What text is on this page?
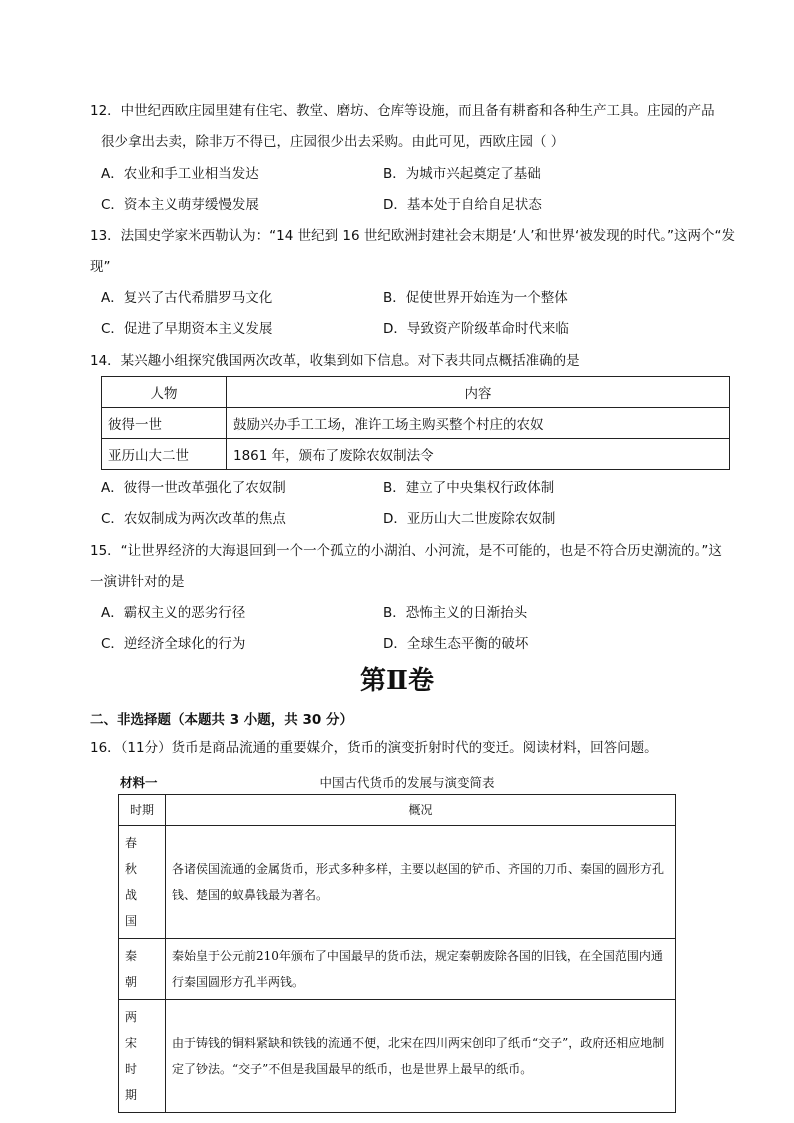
12．中世纪西欧庄园里建有住宅、教堂、磨坊、仓库等设施，而且备有耕畜和各种生产工具。庄园的产品
很少拿出去卖，除非万不得已，庄园很少出去采购。由此可见，西欧庄园（ ）
A．农业和手工业相当发达	B．为城市兴起奠定了基础
C．资本主义萌芽缓慢发展	D．基本处于自给自足状态
13．法国史学家米西勒认为：“14 世纪到 16 世纪欧洲封建社会末期是‘人’和世界‘被发现的时代。”这两个“发
现”
A．复兴了古代希腊罗马文化	B．促使世界开始连为一个整体
C．促进了早期资本主义发展	D．导致资产阶级革命时代来临
14．某兴趣小组探究俄国两次改革，收集到如下信息。对下表共同点概括准确的是
人物	内容
彼得一世	鼓励兴办手工工场，准许工场主购买整个村庄的农奴
亚历山大二世	1861 年，颁布了废除农奴制法令
A．彼得一世改革强化了农奴制	B．建立了中央集权行政体制
C．农奴制成为两次改革的焦点	D．亚历山大二世废除农奴制
15．“让世界经济的大海退回到一个一个孤立的小湖泊、小河流，是不可能的，也是不符合历史潮流的。”这
一演讲针对的是
A．霸权主义的恶劣行径	B．恐怖主义的日渐抬头
C．逆经济全球化的行为	D．全球生态平衡的破坏
第Ⅱ卷
二、非选择题（本题共 3 小题，共 30 分）
16．（11分）货币是商品流通的重要媒介，货币的演变折射时代的变迁。阅读材料，回答问题。
材料一	中国古代货币的发展与演变简表
时期	概况

春 秋 战国	各诸侯国流通的金属货币，形式多种多样，主要以赵国的铲币、齐国的刀币、秦国的圆形方孔钱、楚国的蚁鼻钱最为著名。

秦朝	秦始皇于公元前210年颁布了中国最早的货币法，规定秦朝废除各国的旧钱，在全国范围内通行秦国圆形方孔半两钱。

两 宋 时期	由于铸钱的铜料紧缺和铁钱的流通不便，北宋在四川两宋创印了纸币“交子”，政府还相应地制定了钞法。“交子”不但是我国最早的纸币，也是世界上最早的纸币。
